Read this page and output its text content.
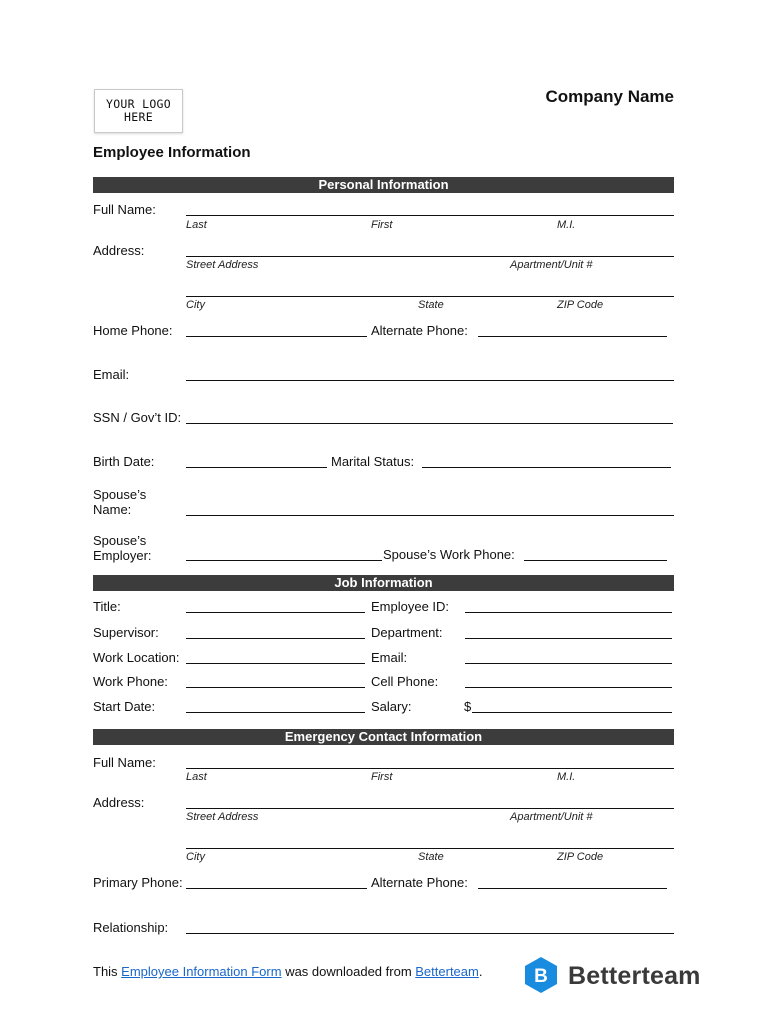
YOUR LOGO
HERE
Company Name
Employee Information
Personal Information
Full Name:
Last	First	M.I.
Address:
Street Address	Apartment/Unit #
City	State	ZIP Code
Home Phone:	Alternate Phone:
Email:
SSN / Gov’t ID:
Birth Date:	Marital Status:
Spouse’s
Name:
Spouse’s
Employer:	Spouse’s Work Phone:
Job Information
Title:	Employee ID:
Supervisor:	Department:
Work Location:	Email:
Work Phone:	Cell Phone:
Start Date:	Salary:	$
Emergency Contact Information
Full Name:
Last	First	M.I.
Address:
Street Address	Apartment/Unit #
City	State	ZIP Code
Primary Phone:	Alternate Phone:
Relationship:
This Employee Information Form was downloaded from Betterteam.	B Betterteam
